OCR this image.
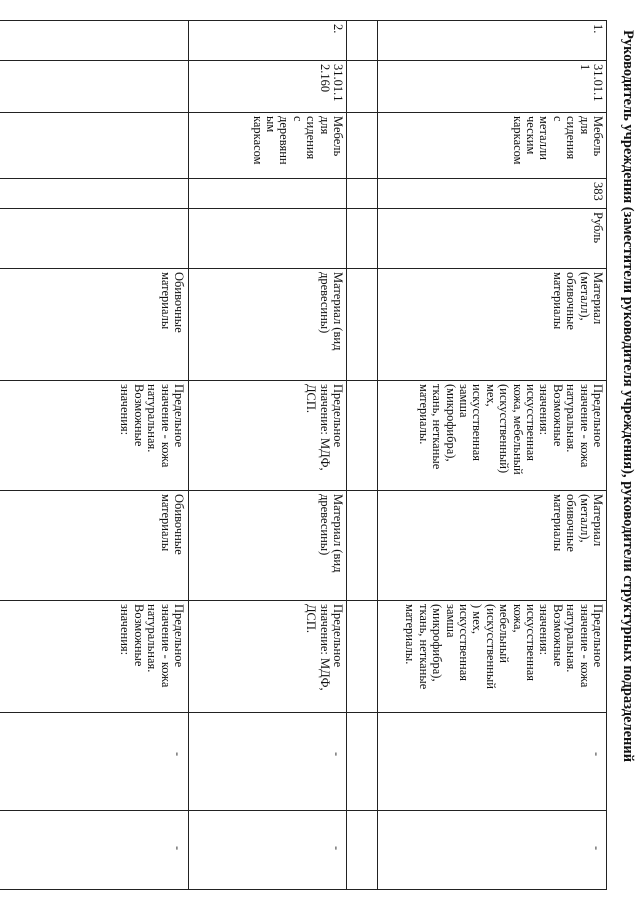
Руководитель учреждения (заместители руководителя учреждения), руководители структурных подразделений
1.
31.01.1
1
Мебель
для
сидения
с
металли
ческим
каркасом
383
Рубль
Материал
(металл),
обивочные
материалы
Предельное
значение - кожа
натуральная.
Возможные
значения:
искусственная
кожа, мебельный
(искусственный)
мех,
искусственная
замша
(микрофибра),
ткань, нетканые
материалы.
Материал
(металл),
обивочные
материалы
Предельное
значение - кожа
натуральная.
Возможные
значения:
искусственная
кожа,
мебельный
(искусственный
) мех,
искусственная
замша
(микрофибра),
ткань, нетканые
материалы.
-
-
2.
31.01.1
2.160
Мебель
для
сидения
с
деревянн
ым
каркасом
Материал (вид
древесины)
Предельное
значение: МДФ,
ДСП.
Материал (вид
древесины)
Предельное
значение: МДФ,
ДСП.
Обивочные
материалы
Предельное
значение - кожа
натуральная.
Возможные
значения:
Обивочные
материалы
Предельное
значение - кожа
натуральная.
Возможные
значения:
-
-
-
-
